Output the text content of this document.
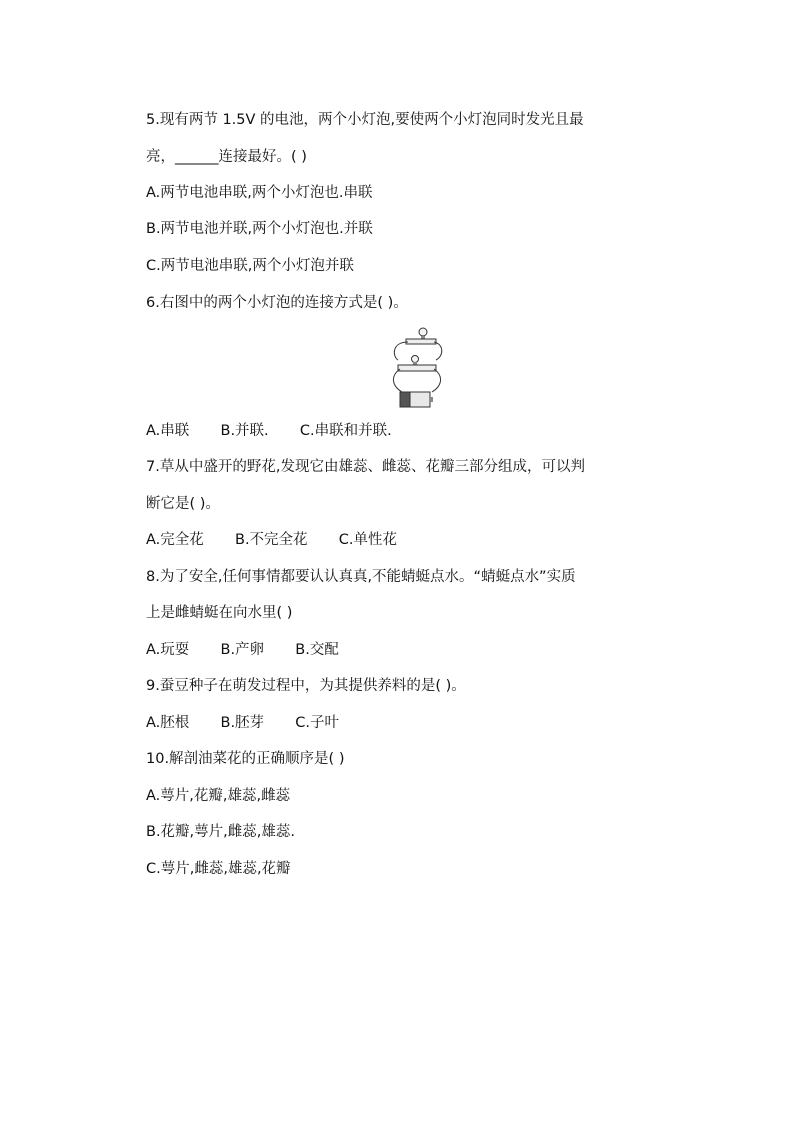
5.现有两节 1.5V 的电池，两个小灯泡,要使两个小灯泡同时发光且最
亮，______连接最好。( )
A.两节电池串联,两个小灯泡也.串联
B.两节电池并联,两个小灯泡也.并联
C.两节电池串联,两个小灯泡并联
6.右图中的两个小灯泡的连接方式是( )。
A.串联 B.并联. C.串联和并联.
7.草从中盛开的野花,发现它由雄蕊、雌蕊、花瓣三部分组成，可以判
断它是( )。
A.完全花 B.不完全花 C.单性花
8.为了安全,任何事情都要认认真真,不能蜻蜓点水。“蜻蜓点水”实质
上是雌蜻蜓在向水里( )
A.玩耍 B.产卵 B.交配
9.蚕豆种子在萌发过程中，为其提供养料的是( )。
A.胚根 B.胚芽 C.子叶
10.解剖油菜花的正确顺序是( )
A.萼片,花瓣,雄蕊,雌蕊
B.花瓣,萼片,雌蕊,雄蕊.
C.萼片,雌蕊,雄蕊,花瓣
